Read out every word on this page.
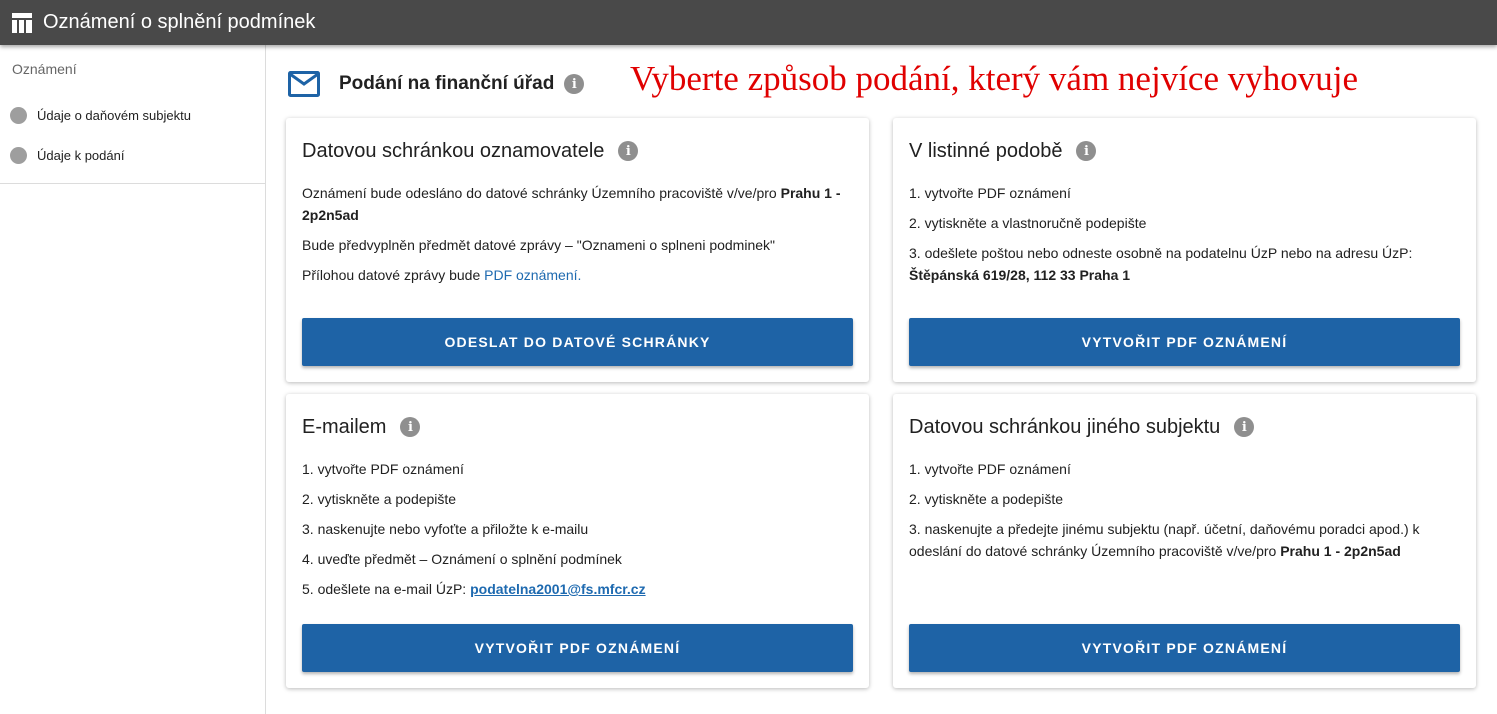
Oznámení o splnění podmínek
Oznámení
Údaje o daňovém subjektu
Údaje k podání
Podání na finanční úřad	i Vyberte způsob podání, který vám nejvíce vyhovuje
Datovou schránkou oznamovatele	i

Oznámení bude odesláno do datové schránky Územního pracoviště v/ve/pro Prahu 1 - 2p2n5ad

Bude předvyplněn předmět datové zprávy – "Oznameni o splneni podminek"

Přílohou datové zprávy bude PDF oznámení.

ODESLAT DO DATOVÉ SCHRÁNKY
V listinné podobě	i

1. vytvořte PDF oznámení

2. vytiskněte a vlastnoručně podepište

3. odešlete poštou nebo odneste osobně na podatelnu ÚzP nebo na adresu ÚzP: Štěpánská 619/28, 112 33 Praha 1

VYTVOŘIT PDF OZNÁMENÍ
E-mailem	i

1. vytvořte PDF oznámení

2. vytiskněte a podepište

3. naskenujte nebo vyfoťte a přiložte k e-mailu

4. uveďte předmět – Oznámení o splnění podmínek

5. odešlete na e-mail ÚzP: podatelna2001@fs.mfcr.cz

VYTVOŘIT PDF OZNÁMENÍ
Datovou schránkou jiného subjektu	i

1. vytvořte PDF oznámení

2. vytiskněte a podepište

3. naskenujte a předejte jinému subjektu (např. účetní, daňovému poradci apod.) k odeslání do datové schránky Územního pracoviště v/ve/pro Prahu 1 - 2p2n5ad

VYTVOŘIT PDF OZNÁMENÍ
